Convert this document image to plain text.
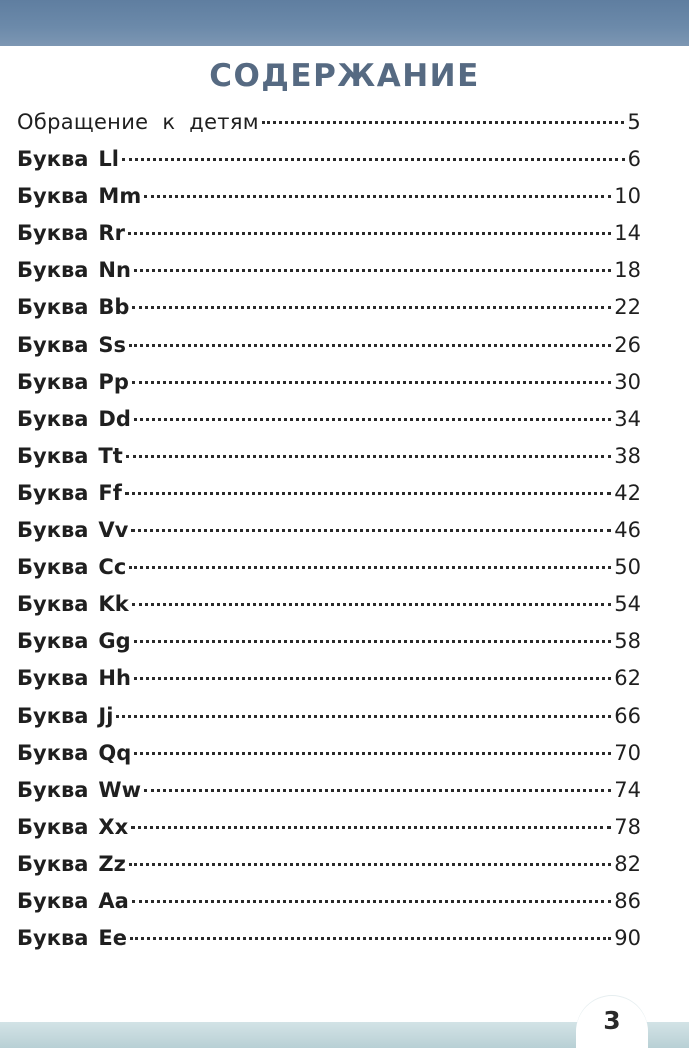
СОДЕРЖАНИЕ
Обращение  к  детям	5
Буква Ll	6
Буква Mm	10
Буква Rr	14
Буква Nn	18
Буква Bb	22
Буква Ss	26
Буква Pp	30
Буква Dd	34
Буква Tt	38
Буква Ff	42
Буква Vv	46
Буква Cc	50
Буква Kk	54
Буква Gg	58
Буква Hh	62
Буква Jj	66
Буква Qq	70
Буква Ww	74
Буква Xx	78
Буква Zz	82
Буква Aa	86
Буква Ee	90
3
